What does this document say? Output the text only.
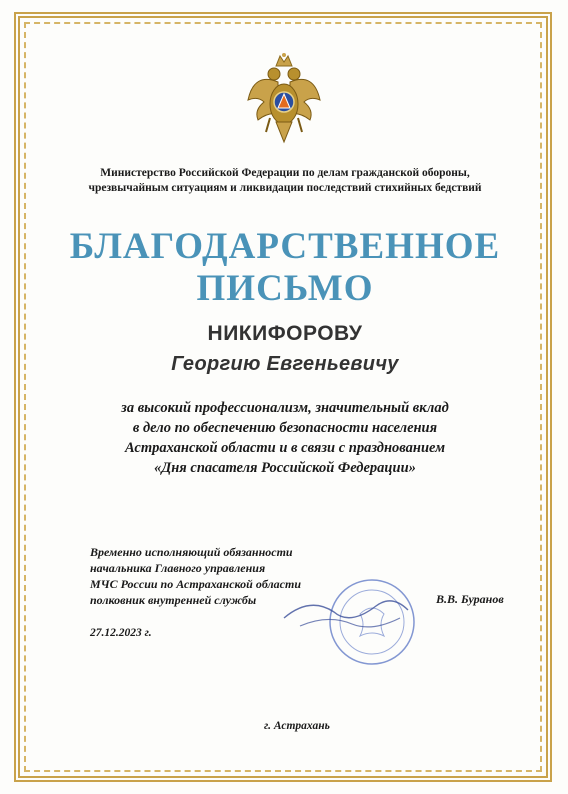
Министерство Российской Федерации по делам гражданской обороны,
чрезвычайным ситуациям и ликвидации последствий стихийных бедствий
БЛАГОДАРСТВЕННОЕ
ПИСЬМО
НИКИФОРОВУ
Георгию Евгеньевичу
за высокий профессионализм, значительный вклад
в дело по обеспечению безопасности населения
Астраханской области и в связи с празднованием
«Дня спасателя Российской Федерации»
Временно исполняющий обязанности
начальника Главного управления
МЧС России по Астраханской области
полковник внутренней службы	В.В. Буранов
27.12.2023 г.
г. Астрахань
